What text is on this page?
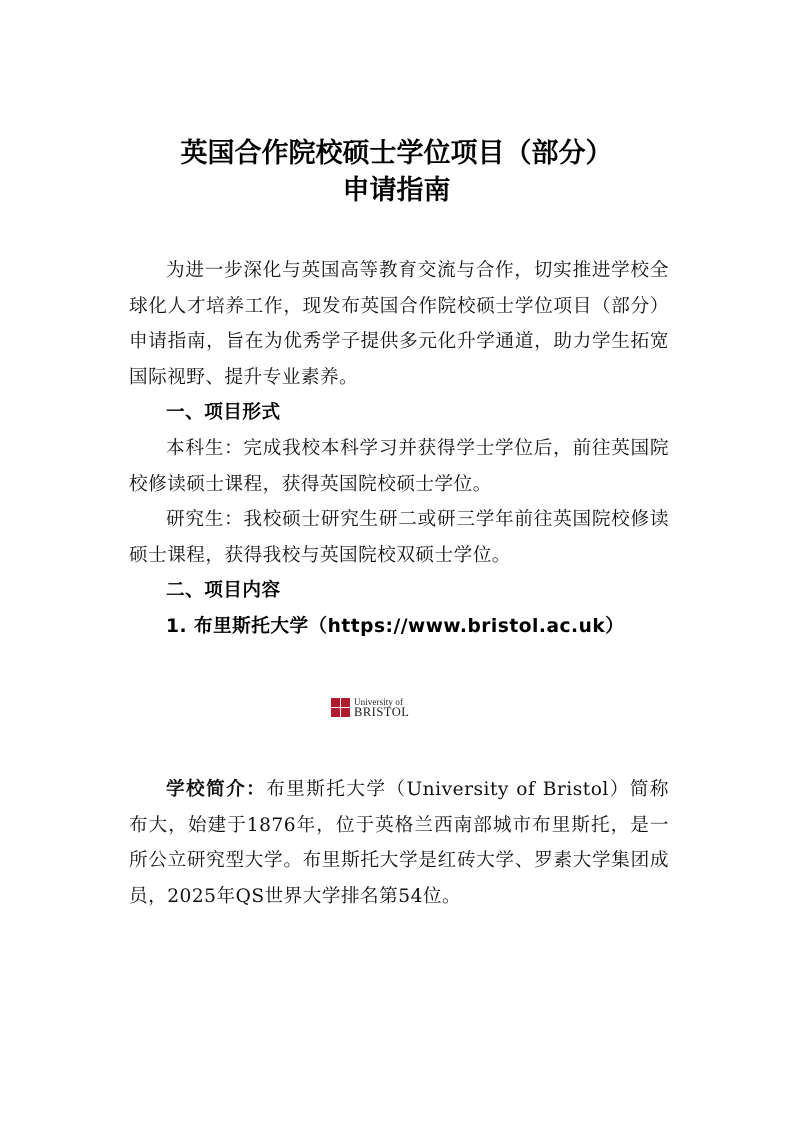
英国合作院校硕士学位项目（部分）
申请指南

为进一步深化与英国高等教育交流与合作，切实推进学校全球化人才培养工作，现发布英国合作院校硕士学位项目（部分）申请指南，旨在为优秀学子提供多元化升学通道，助力学生拓宽国际视野、提升专业素养。

一、项目形式

本科生：完成我校本科学习并获得学士学位后，前往英国院校修读硕士课程，获得英国院校硕士学位。

研究生：我校硕士研究生研二或研三学年前往英国院校修读硕士课程，获得我校与英国院校双硕士学位。

二、项目内容

1. 布里斯托大学（https://www.bristol.ac.uk）

University of
BRISTOL

学校简介：布里斯托大学（University of Bristol）简称布大，始建于1876年，位于英格兰西南部城市布里斯托，是一所公立研究型大学。布里斯托大学是红砖大学、罗素大学集团成员，2025年QS世界大学排名第54位。
